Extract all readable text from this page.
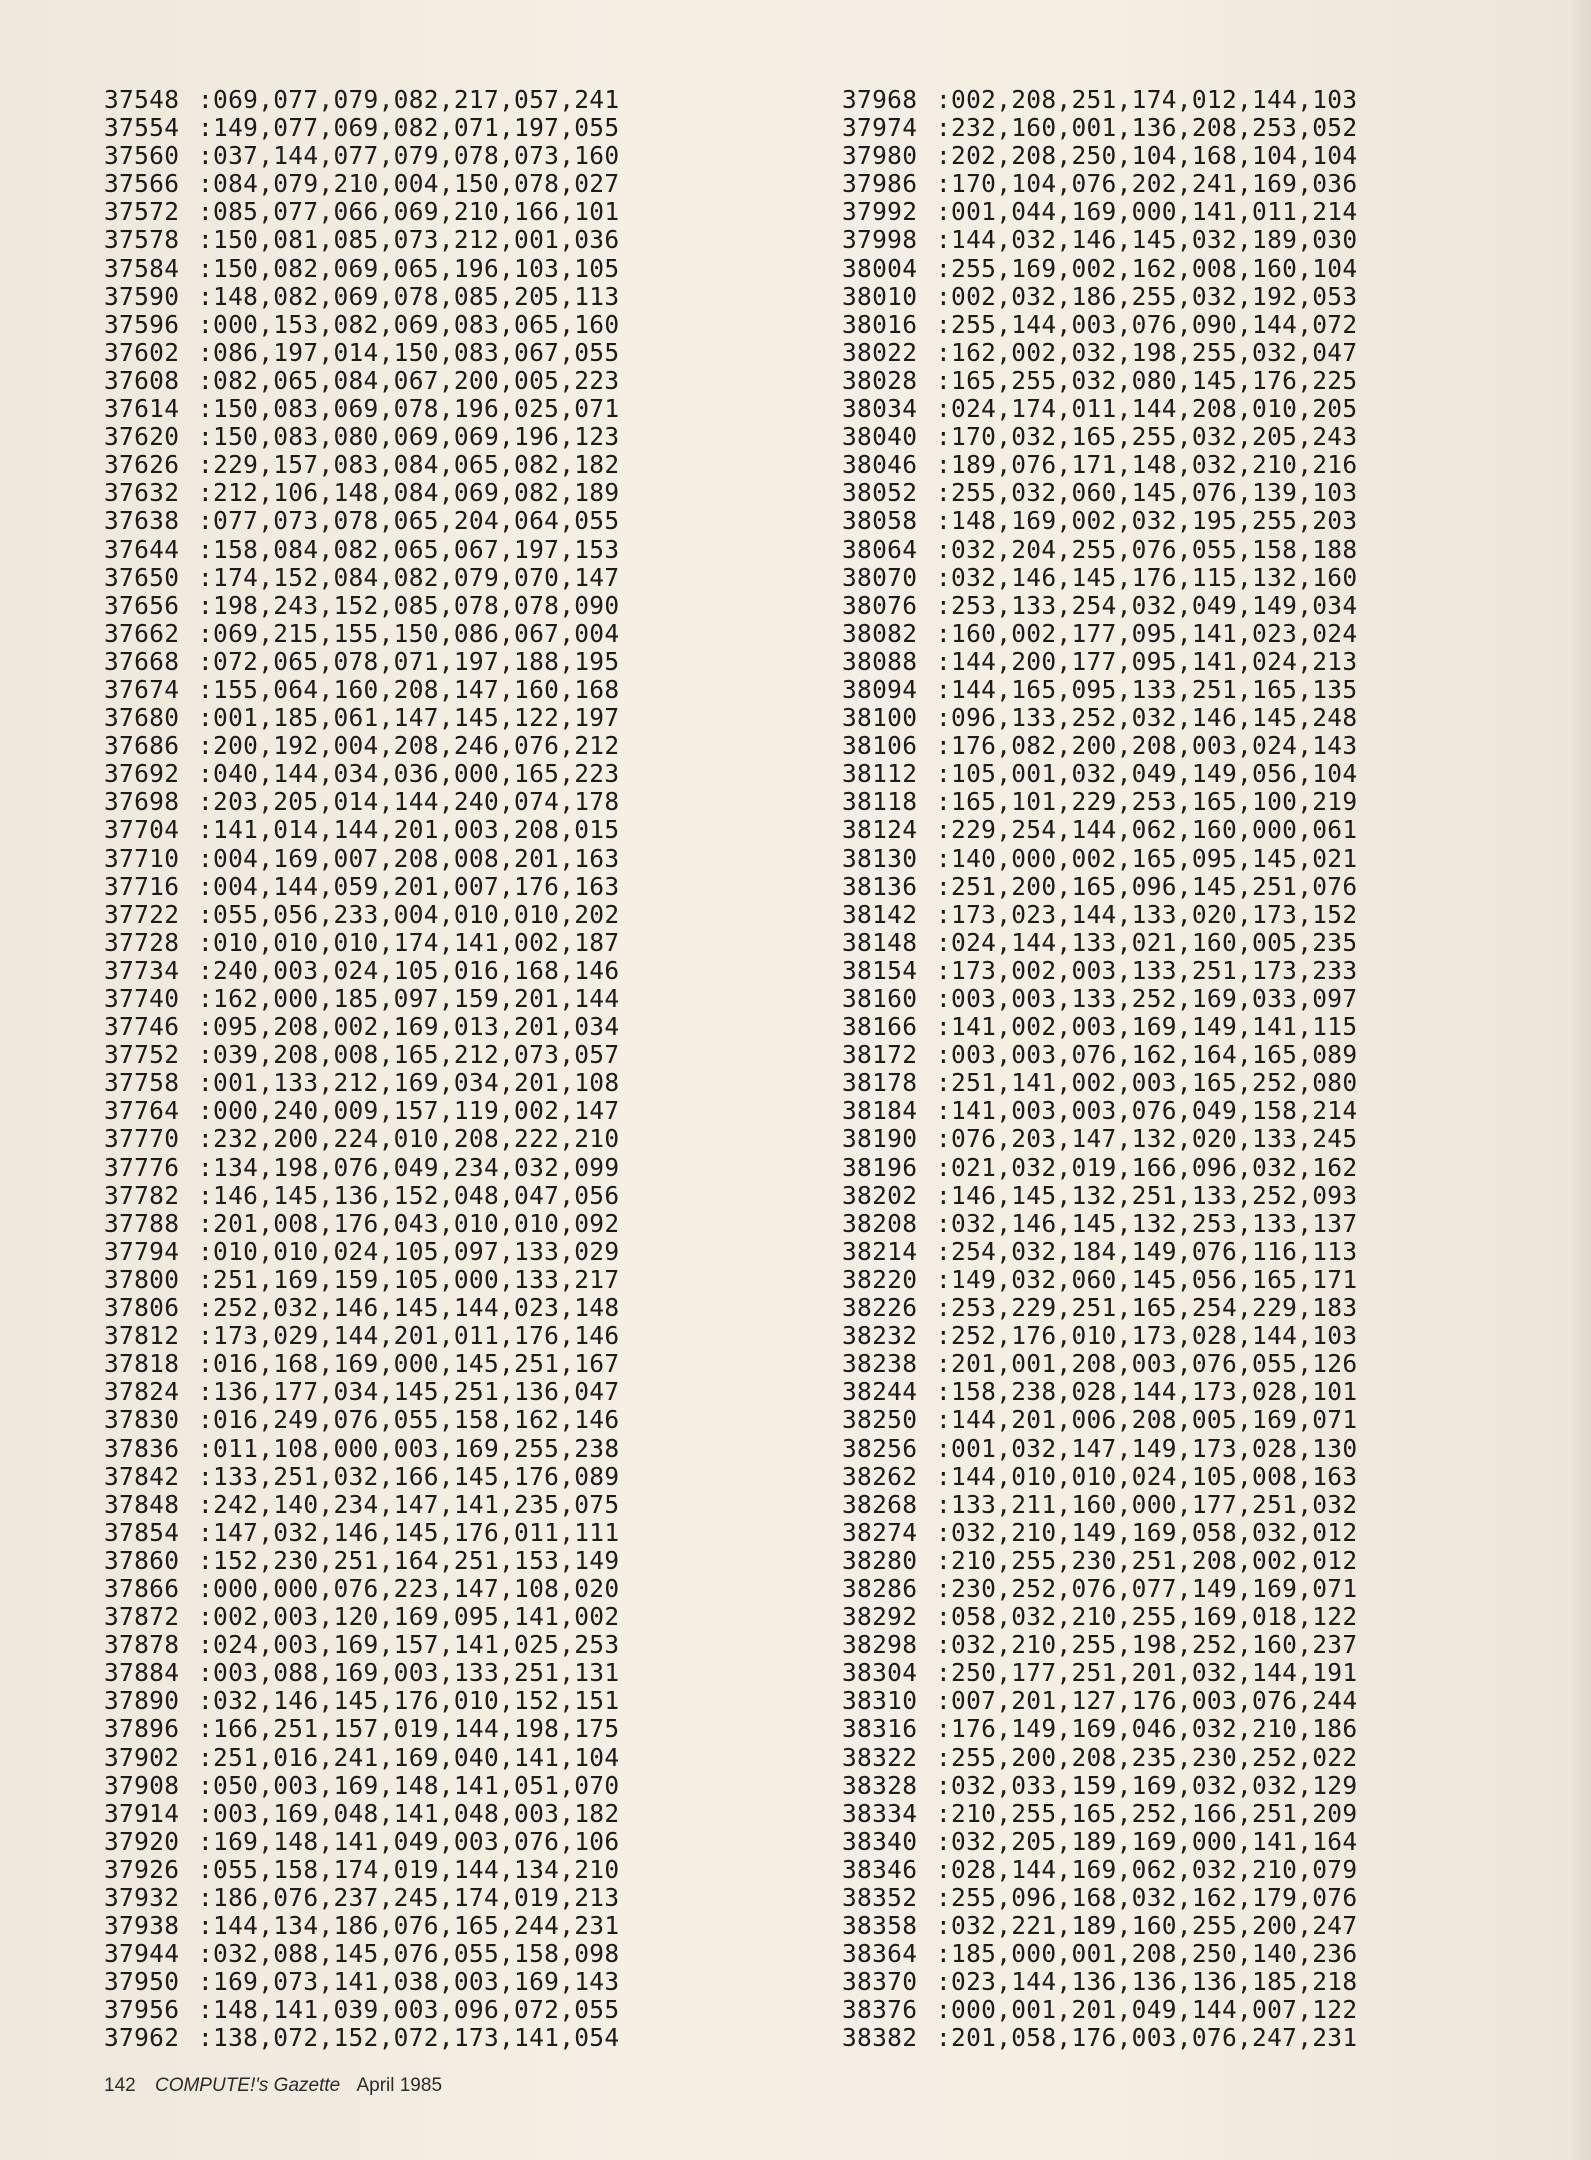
37548 :069,077,079,082,217,057,241
37554 :149,077,069,082,071,197,055
37560 :037,144,077,079,078,073,160
37566 :084,079,210,004,150,078,027
37572 :085,077,066,069,210,166,101
37578 :150,081,085,073,212,001,036
37584 :150,082,069,065,196,103,105
37590 :148,082,069,078,085,205,113
37596 :000,153,082,069,083,065,160
37602 :086,197,014,150,083,067,055
37608 :082,065,084,067,200,005,223
37614 :150,083,069,078,196,025,071
37620 :150,083,080,069,069,196,123
37626 :229,157,083,084,065,082,182
37632 :212,106,148,084,069,082,189
37638 :077,073,078,065,204,064,055
37644 :158,084,082,065,067,197,153
37650 :174,152,084,082,079,070,147
37656 :198,243,152,085,078,078,090
37662 :069,215,155,150,086,067,004
37668 :072,065,078,071,197,188,195
37674 :155,064,160,208,147,160,168
37680 :001,185,061,147,145,122,197
37686 :200,192,004,208,246,076,212
37692 :040,144,034,036,000,165,223
37698 :203,205,014,144,240,074,178
37704 :141,014,144,201,003,208,015
37710 :004,169,007,208,008,201,163
37716 :004,144,059,201,007,176,163
37722 :055,056,233,004,010,010,202
37728 :010,010,010,174,141,002,187
37734 :240,003,024,105,016,168,146
37740 :162,000,185,097,159,201,144
37746 :095,208,002,169,013,201,034
37752 :039,208,008,165,212,073,057
37758 :001,133,212,169,034,201,108
37764 :000,240,009,157,119,002,147
37770 :232,200,224,010,208,222,210
37776 :134,198,076,049,234,032,099
37782 :146,145,136,152,048,047,056
37788 :201,008,176,043,010,010,092
37794 :010,010,024,105,097,133,029
37800 :251,169,159,105,000,133,217
37806 :252,032,146,145,144,023,148
37812 :173,029,144,201,011,176,146
37818 :016,168,169,000,145,251,167
37824 :136,177,034,145,251,136,047
37830 :016,249,076,055,158,162,146
37836 :011,108,000,003,169,255,238
37842 :133,251,032,166,145,176,089
37848 :242,140,234,147,141,235,075
37854 :147,032,146,145,176,011,111
37860 :152,230,251,164,251,153,149
37866 :000,000,076,223,147,108,020
37872 :002,003,120,169,095,141,002
37878 :024,003,169,157,141,025,253
37884 :003,088,169,003,133,251,131
37890 :032,146,145,176,010,152,151
37896 :166,251,157,019,144,198,175
37902 :251,016,241,169,040,141,104
37908 :050,003,169,148,141,051,070
37914 :003,169,048,141,048,003,182
37920 :169,148,141,049,003,076,106
37926 :055,158,174,019,144,134,210
37932 :186,076,237,245,174,019,213
37938 :144,134,186,076,165,244,231
37944 :032,088,145,076,055,158,098
37950 :169,073,141,038,003,169,143
37956 :148,141,039,003,096,072,055
37962 :138,072,152,072,173,141,054
37968 :002,208,251,174,012,144,103
37974 :232,160,001,136,208,253,052
37980 :202,208,250,104,168,104,104
37986 :170,104,076,202,241,169,036
37992 :001,044,169,000,141,011,214
37998 :144,032,146,145,032,189,030
38004 :255,169,002,162,008,160,104
38010 :002,032,186,255,032,192,053
38016 :255,144,003,076,090,144,072
38022 :162,002,032,198,255,032,047
38028 :165,255,032,080,145,176,225
38034 :024,174,011,144,208,010,205
38040 :170,032,165,255,032,205,243
38046 :189,076,171,148,032,210,216
38052 :255,032,060,145,076,139,103
38058 :148,169,002,032,195,255,203
38064 :032,204,255,076,055,158,188
38070 :032,146,145,176,115,132,160
38076 :253,133,254,032,049,149,034
38082 :160,002,177,095,141,023,024
38088 :144,200,177,095,141,024,213
38094 :144,165,095,133,251,165,135
38100 :096,133,252,032,146,145,248
38106 :176,082,200,208,003,024,143
38112 :105,001,032,049,149,056,104
38118 :165,101,229,253,165,100,219
38124 :229,254,144,062,160,000,061
38130 :140,000,002,165,095,145,021
38136 :251,200,165,096,145,251,076
38142 :173,023,144,133,020,173,152
38148 :024,144,133,021,160,005,235
38154 :173,002,003,133,251,173,233
38160 :003,003,133,252,169,033,097
38166 :141,002,003,169,149,141,115
38172 :003,003,076,162,164,165,089
38178 :251,141,002,003,165,252,080
38184 :141,003,003,076,049,158,214
38190 :076,203,147,132,020,133,245
38196 :021,032,019,166,096,032,162
38202 :146,145,132,251,133,252,093
38208 :032,146,145,132,253,133,137
38214 :254,032,184,149,076,116,113
38220 :149,032,060,145,056,165,171
38226 :253,229,251,165,254,229,183
38232 :252,176,010,173,028,144,103
38238 :201,001,208,003,076,055,126
38244 :158,238,028,144,173,028,101
38250 :144,201,006,208,005,169,071
38256 :001,032,147,149,173,028,130
38262 :144,010,010,024,105,008,163
38268 :133,211,160,000,177,251,032
38274 :032,210,149,169,058,032,012
38280 :210,255,230,251,208,002,012
38286 :230,252,076,077,149,169,071
38292 :058,032,210,255,169,018,122
38298 :032,210,255,198,252,160,237
38304 :250,177,251,201,032,144,191
38310 :007,201,127,176,003,076,244
38316 :176,149,169,046,032,210,186
38322 :255,200,208,235,230,252,022
38328 :032,033,159,169,032,032,129
38334 :210,255,165,252,166,251,209
38340 :032,205,189,169,000,141,164
38346 :028,144,169,062,032,210,079
38352 :255,096,168,032,162,179,076
38358 :032,221,189,160,255,200,247
38364 :185,000,001,208,250,140,236
38370 :023,144,136,136,136,185,218
38376 :000,001,201,049,144,007,122
38382 :201,058,176,003,076,247,231
142 COMPUTE!'s Gazette April 1985
